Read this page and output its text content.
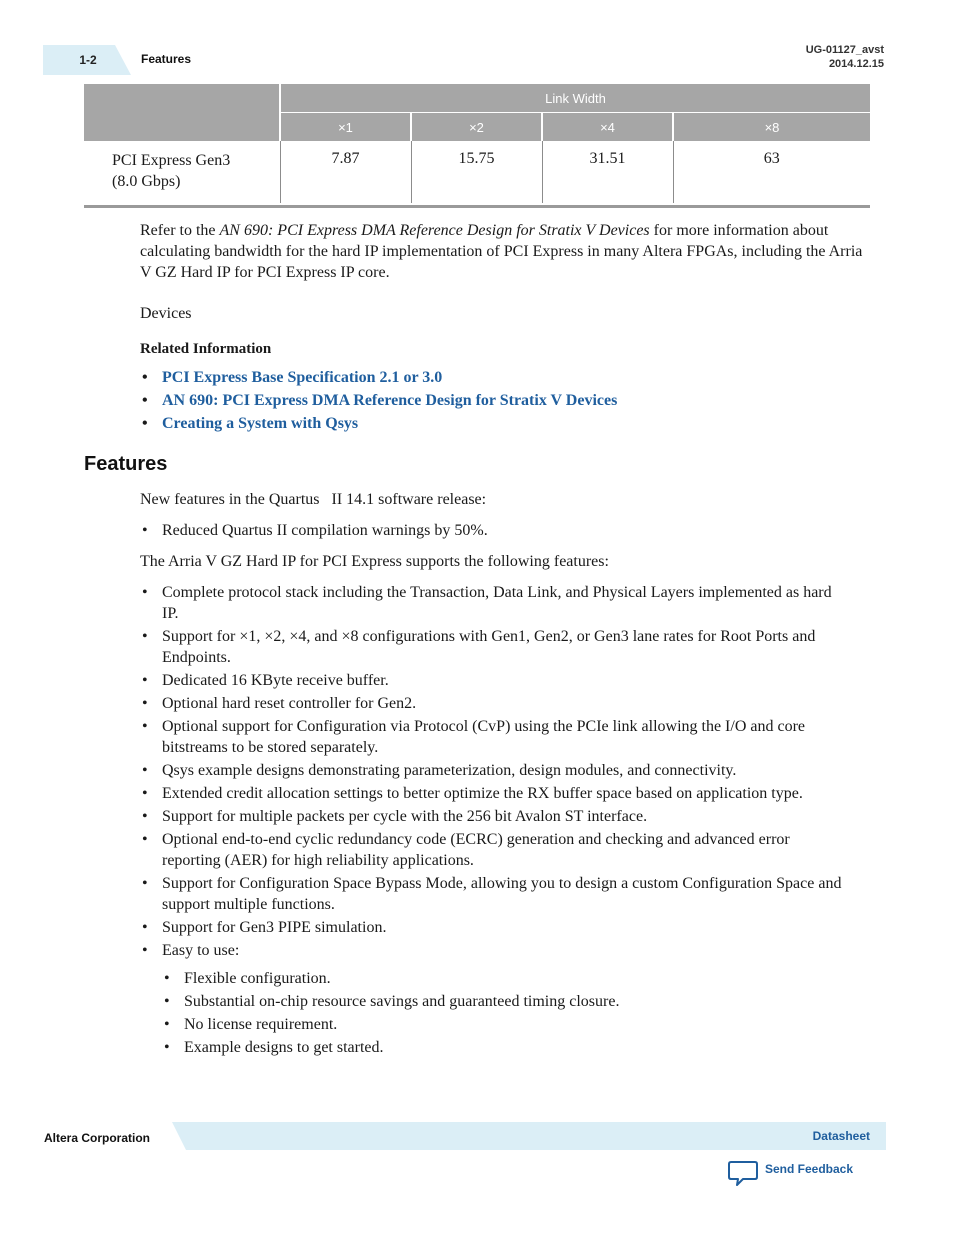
1-2	Features
UG-01127_avst
2014.12.15
	Link Width			
	×1	×2	×4	×8

PCI Express Gen3
(8.0 Gbps)	7.87	15.75	31.51	63
Refer to the AN 690: PCI Express DMA Reference Design for Stratix V Devices for more information about calculating bandwidth for the hard IP implementation of PCI Express in many Altera FPGAs, including the Arria V GZ Hard IP for PCI Express IP core.
Devices
Related Information
• PCI Express Base Specification 2.1 or 3.0
• AN 690: PCI Express DMA Reference Design for Stratix V Devices
• Creating a System with Qsys
Features
New features in the Quartus   II 14.1 software release:
• Reduced Quartus II compilation warnings by 50%.
The Arria V GZ Hard IP for PCI Express supports the following features:
• Complete protocol stack including the Transaction, Data Link, and Physical Layers implemented as hard IP.
• Support for ×1, ×2, ×4, and ×8 configurations with Gen1, Gen2, or Gen3 lane rates for Root Ports and Endpoints.
• Dedicated 16 KByte receive buffer.
• Optional hard reset controller for Gen2.
• Optional support for Configuration via Protocol (CvP) using the PCIe link allowing the I/O and core bitstreams to be stored separately.
• Qsys example designs demonstrating parameterization, design modules, and connectivity.
• Extended credit allocation settings to better optimize the RX buffer space based on application type.
• Support for multiple packets per cycle with the 256 bit Avalon ST interface.
• Optional end-to-end cyclic redundancy code (ECRC) generation and checking and advanced error reporting (AER) for high reliability applications.
• Support for Configuration Space Bypass Mode, allowing you to design a custom Configuration Space and support multiple functions.
• Support for Gen3 PIPE simulation.
• Easy to use:
• Flexible configuration.
• Substantial on-chip resource savings and guaranteed timing closure.
• No license requirement.
• Example designs to get started.
Altera Corporation	Datasheet
Send Feedback
